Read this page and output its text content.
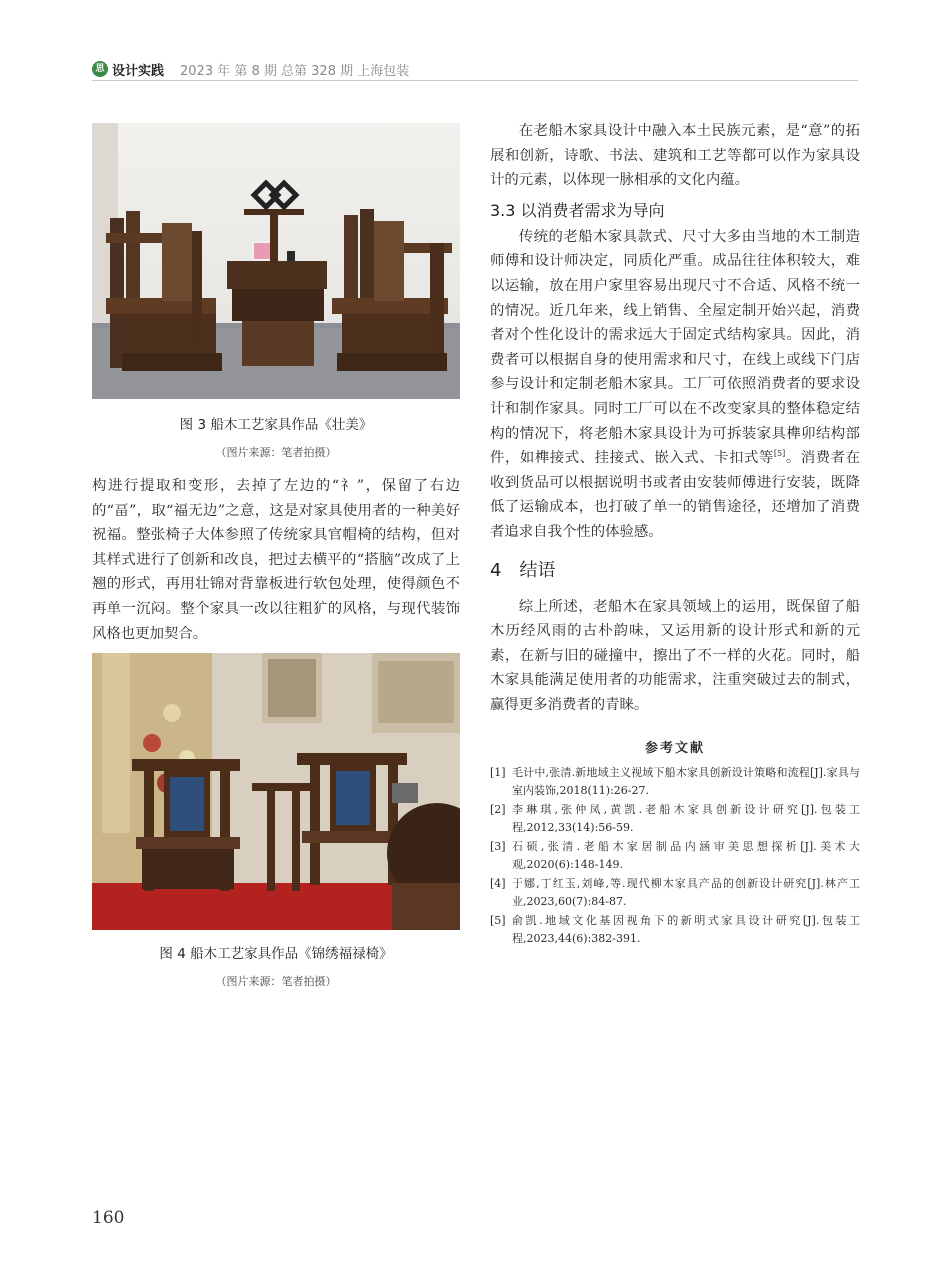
思 设计实践 2023 年 第 8 期 总第 328 期 上海包装
图 3 船木工艺家具作品《壮美》
（图片来源：笔者拍摄）

构进行提取和变形，去掉了左边的“礻”，保留了右边的“畐”，取“福无边”之意，这是对家具使用者的一种美好祝福。整张椅子大体参照了传统家具官帽椅的结构，但对其样式进行了创新和改良，把过去横平的“搭脑”改成了上翘的形式，再用壮锦对背靠板进行软包处理，使得颜色不再单一沉闷。整个家具一改以往粗犷的风格，与现代装饰风格也更加契合。

图 4 船木工艺家具作品《锦绣福禄椅》
（图片来源：笔者拍摄）

在老船木家具设计中融入本土民族元素，是“意”的拓展和创新，诗歌、书法、建筑和工艺等都可以作为家具设计的元素，以体现一脉相承的文化内蕴。

3.3 以消费者需求为导向

传统的老船木家具款式、尺寸大多由当地的木工制造师傅和设计师决定，同质化严重。成品往往体积较大，难以运输，放在用户家里容易出现尺寸不合适、风格不统一的情况。近几年来，线上销售、全屋定制开始兴起，消费者对个性化设计的需求远大于固定式结构家具。因此，消费者可以根据自身的使用需求和尺寸，在线上或线下门店参与设计和定制老船木家具。工厂可依照消费者的要求设计和制作家具。同时工厂可以在不改变家具的整体稳定结构的情况下，将老船木家具设计为可拆装家具榫卯结构部件，如榫接式、挂接式、嵌入式、卡扣式等[5]。消费者在收到货品可以根据说明书或者由安装师傅进行安装，既降低了运输成本，也打破了单一的销售途径，还增加了消费者追求自我个性的体验感。

4 结语

综上所述，老船木在家具领域上的运用，既保留了船木历经风雨的古朴韵味，又运用新的设计形式和新的元素，在新与旧的碰撞中，擦出了不一样的火花。同时，船木家具能满足使用者的功能需求，注重突破过去的制式，赢得更多消费者的青睐。

参考文献
[1] 毛计中,张清.新地域主义视域下船木家具创新设计策略和流程[J].家具与室内装饰,2018(11):26-27.
[2] 李琳琪,张仲凤,黄凯.老船木家具创新设计研究[J].包装工程,2012,33(14):56-59.
[3] 石硕,张清.老船木家居制品内涵审美思想探析[J].美术大观,2020(6):148-149.
[4] 于娜,丁红玉,刘峰,等.现代柳木家具产品的创新设计研究[J].林产工业,2023,60(7):84-87.
[5] 俞凯.地域文化基因视角下的新明式家具设计研究[J].包装工程,2023,44(6):382-391.
160
